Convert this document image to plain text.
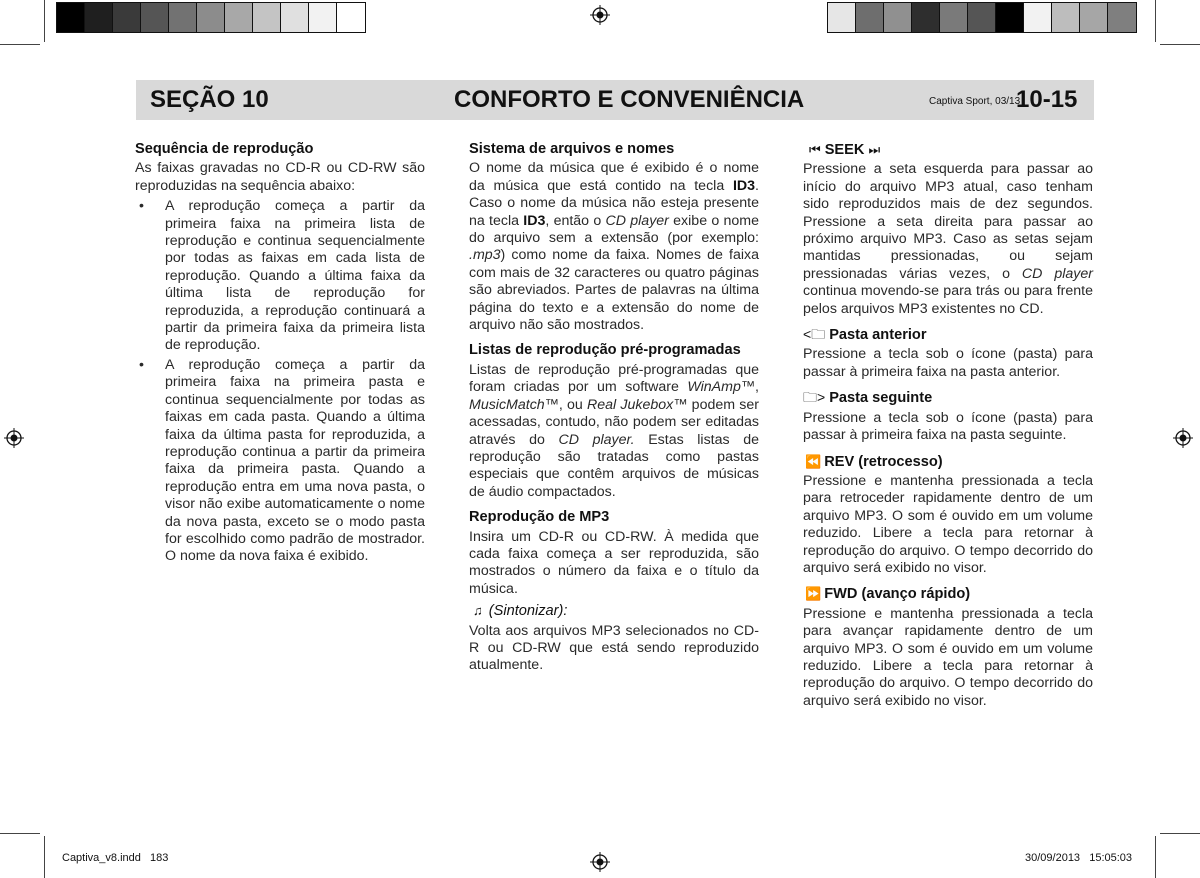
SEÇÃO 10	CONFORTO E CONVENIÊNCIA	Captiva Sport, 03/13
10-15
Sequência de reprodução

As faixas gravadas no CD-R ou CD-RW são reproduzidas na sequência abaixo:

• A reprodução começa a partir da primeira faixa na primeira lista de reprodução e continua sequencialmente por todas as faixas em cada lista de reprodução. Quando a última faixa da última lista de reprodução for reproduzida, a reprodução continuará a partir da primeira faixa da primeira lista de reprodução.
• A reprodução começa a partir da primeira faixa na primeira pasta e continua sequencialmente por todas as faixas em cada pasta. Quando a última faixa da última pasta for reproduzida, a reprodução continua a partir da primeira faixa da primeira pasta. Quando a reprodução entra em uma nova pasta, o visor não exibe automaticamente o nome da nova pasta, exceto se o modo pasta for escolhido como padrão de mostrador. O nome da nova faixa é exibido.
Sistema de arquivos e nomes

O nome da música que é exibido é o nome da música que está contido na tecla ID3. Caso o nome da música não esteja presente na tecla ID3, então o CD player exibe o nome do arquivo sem a extensão (por exemplo: .mp3) como nome da faixa. Nomes de faixa com mais de 32 caracteres ou quatro páginas são abreviados. Partes de palavras na última página do texto e a extensão do nome de arquivo não são mostrados.

Listas de reprodução pré-programadas

Listas de reprodução pré-programadas que foram criadas por um software WinAmp™, MusicMatch™, ou Real Jukebox™ podem ser acessadas, contudo, não podem ser editadas através do CD player. Estas listas de reprodução são tratadas como pastas especiais que contêm arquivos de músicas de áudio compactados.

Reprodução de MP3

Insira um CD-R ou CD-RW. À medida que cada faixa começa a ser reproduzida, são mostrados o número da faixa e o título da música.

♫ (Sintonizar):

Volta aos arquivos MP3 selecionados no CD-R ou CD-RW que está sendo reproduzido atualmente.

⏮ SEEK ⏭

Pressione a seta esquerda para passar ao início do arquivo MP3 atual, caso tenham sido reproduzidos mais de dez segundos. Pressione a seta direita para passar ao próximo arquivo MP3. Caso as setas sejam mantidas pressionadas, ou sejam pressionadas várias vezes, o CD player continua movendo-se para trás ou para frente pelos arquivos MP3 existentes no CD.

<🗀 Pasta anterior

Pressione a tecla sob o ícone (pasta) para passar à primeira faixa na pasta anterior.

🗀> Pasta seguinte

Pressione a tecla sob o ícone (pasta) para passar à primeira faixa na pasta seguinte.

⏪ REV (retrocesso)

Pressione e mantenha pressionada a tecla para retroceder rapidamente dentro de um arquivo MP3. O som é ouvido em um volume reduzido. Libere a tecla para retornar à reprodução do arquivo. O tempo decorrido do arquivo será exibido no visor.

⏩ FWD (avanço rápido)

Pressione e mantenha pressionada a tecla para avançar rapidamente dentro de um arquivo MP3. O som é ouvido em um volume reduzido. Libere a tecla para retornar à reprodução do arquivo. O tempo decorrido do arquivo será exibido no visor.

Captiva_v8.indd   183	30/09/2013   15:05:03
